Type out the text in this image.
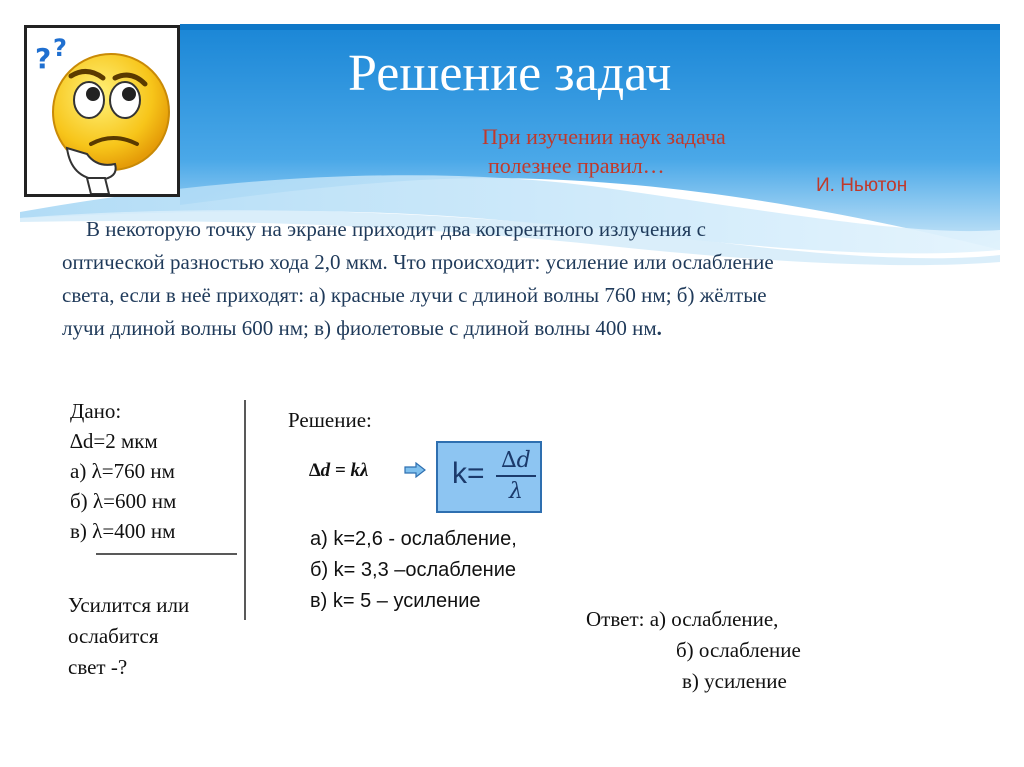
? ?	Решение задач
При изучении наук задача
полезнее правил…
И. Ньютон
В некоторую точку на экране приходит два когерентного излучения с
оптической разностью хода 2,0 мкм. Что происходит: усиление или ослабление
света, если в неё приходят: а) красные лучи с длиной волны 760 нм; б) жёлтые
лучи длиной волны 600 нм; в) фиолетовые с длиной волны 400 нм.
Дано:
∆d=2 мкм
а) λ=760 нм
б) λ=600 нм
в) λ=400 нм
Усилится или
ослабится
свет -?
Решение:
∆d = kλ	$k= \frac{\Delta d}{\lambda}$
а) k=2,6 - ослабление,
б) k= 3,3 –ослабление
в) k= 5 – усиление
Ответ: а) ослабление,
б) ослабление
в) усиление
